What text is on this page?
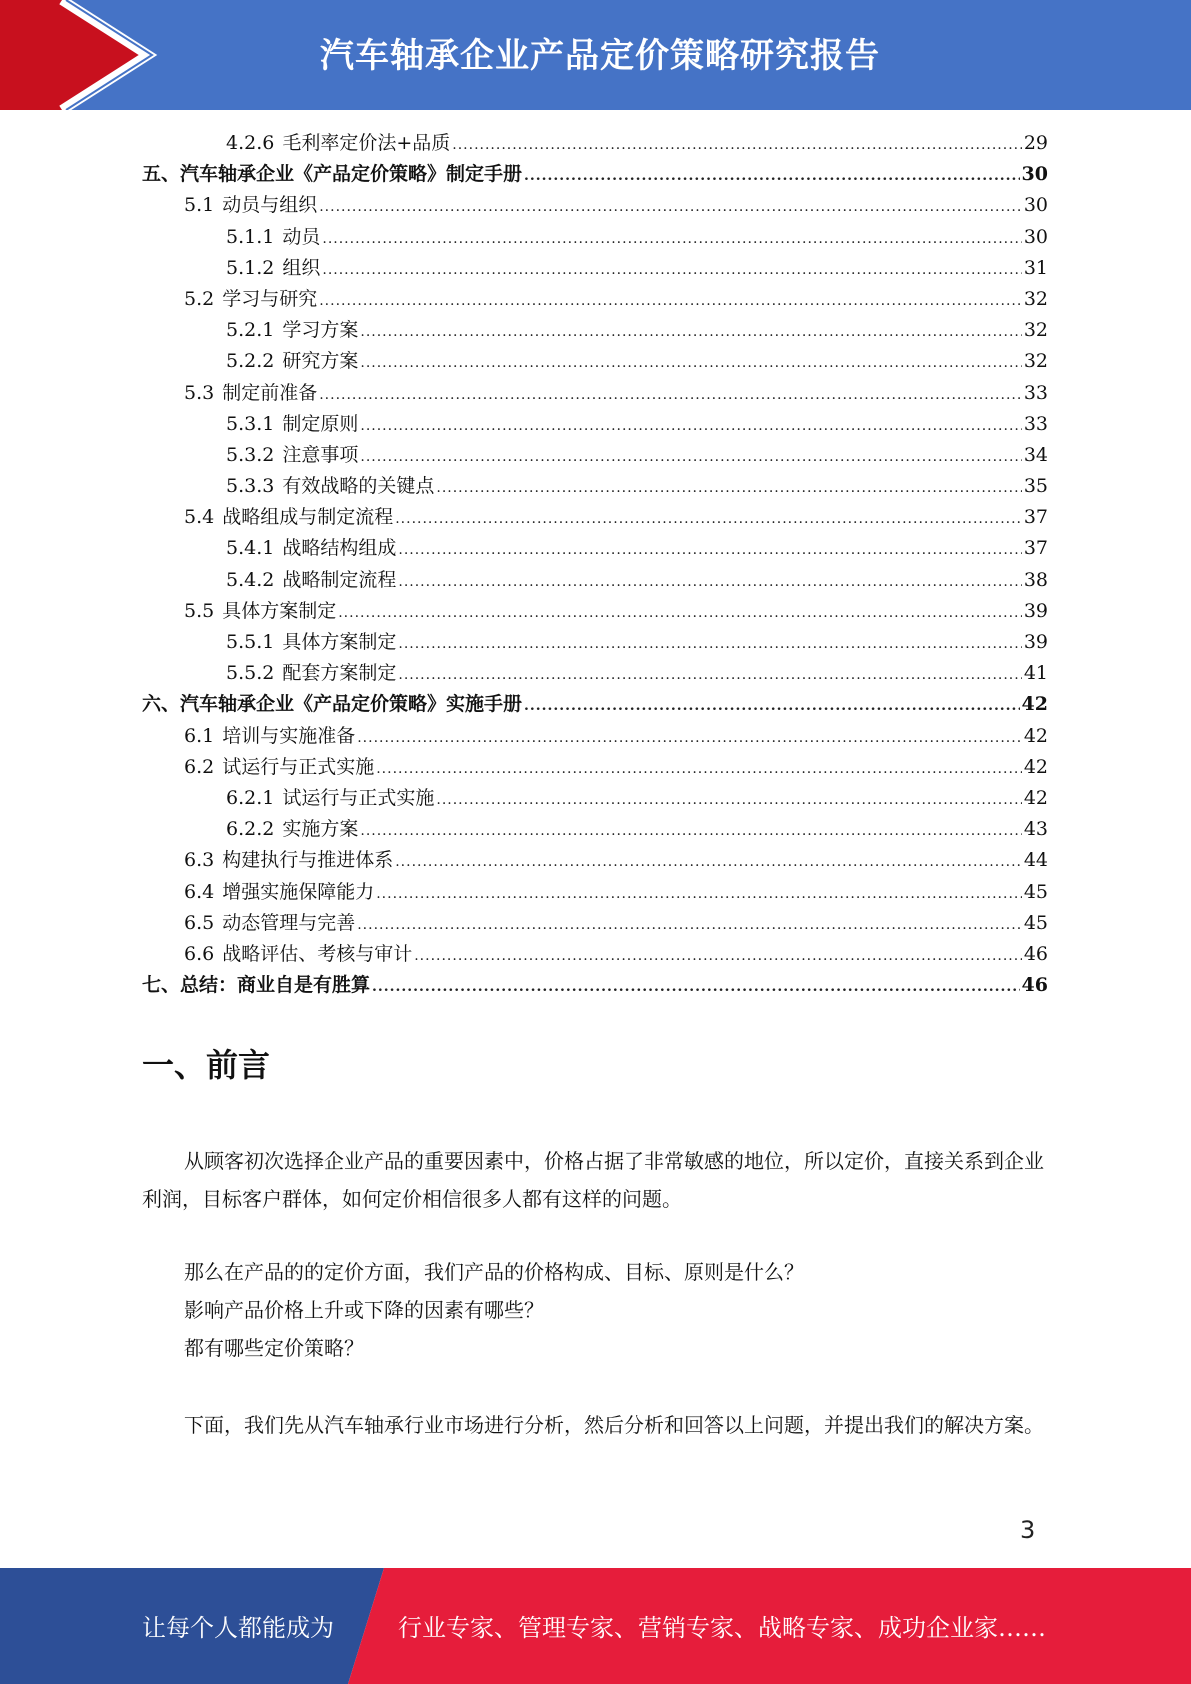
汽车轴承企业产品定价策略研究报告
4.2.6 毛利率定价法+品质 .....	29
五、汽车轴承企业《产品定价策略》制定手册 .....	30
5.1 动员与组织 .....	30
5.1.1 动员 .....	30
5.1.2 组织 .....	31
5.2 学习与研究 .....	32
5.2.1 学习方案 .....	32
5.2.2 研究方案 .....	32
5.3 制定前准备 .....	33
5.3.1 制定原则 .....	33
5.3.2 注意事项 .....	34
5.3.3 有效战略的关键点 .....	35
5.4 战略组成与制定流程 .....	37
5.4.1 战略结构组成 .....	37
5.4.2 战略制定流程 .....	38
5.5 具体方案制定 .....	39
5.5.1 具体方案制定 .....	39
5.5.2 配套方案制定 .....	41
六、汽车轴承企业《产品定价策略》实施手册 .....	42
6.1 培训与实施准备 .....	42
6.2 试运行与正式实施 .....	42
6.2.1 试运行与正式实施 .....	42
6.2.2 实施方案 .....	43
6.3 构建执行与推进体系 .....	44
6.4 增强实施保障能力 .....	45
6.5 动态管理与完善 .....	45
6.6 战略评估、考核与审计 .....	46
七、总结：商业自是有胜算 .....	46
一、前言
从顾客初次选择企业产品的重要因素中，价格占据了非常敏感的地位，所以定价，直接关系到企业利润，目标客户群体，如何定价相信很多人都有这样的问题。
那么在产品的的定价方面，我们产品的价格构成、目标、原则是什么？
影响产品价格上升或下降的因素有哪些？
都有哪些定价策略？
下面，我们先从汽车轴承行业市场进行分析，然后分析和回答以上问题，并提出我们的解决方案。
3
让每个人都能成为	行业专家、管理专家、营销专家、战略专家、成功企业家……
